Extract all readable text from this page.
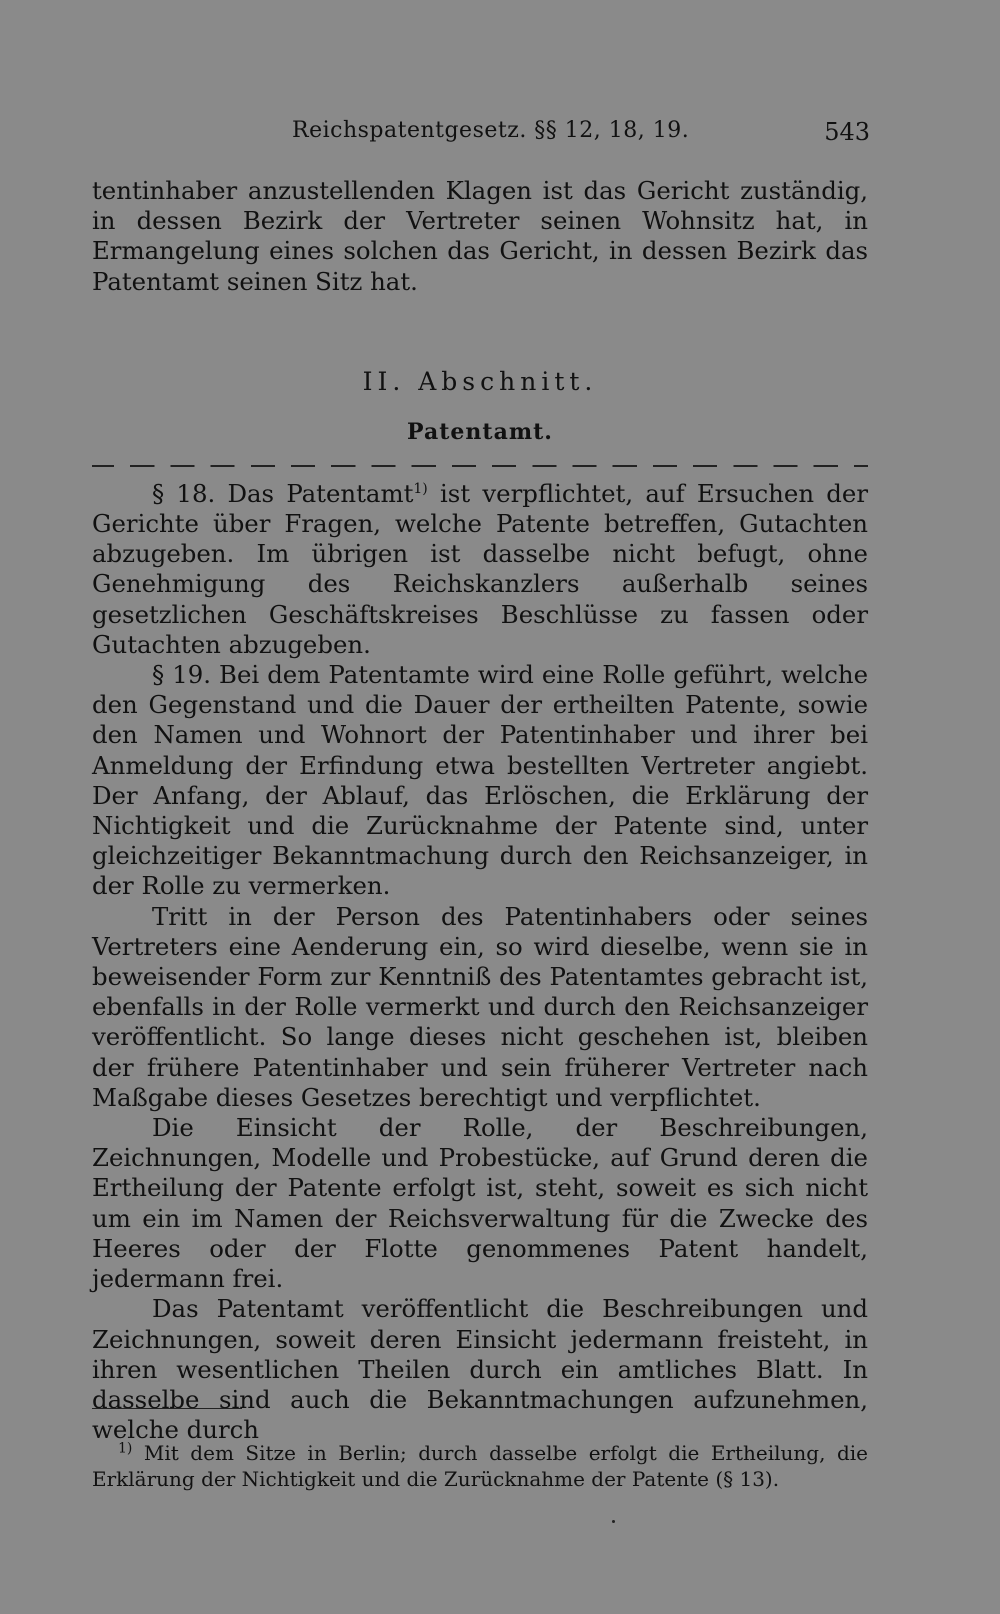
Reichspatentgesetz. §§ 12, 18, 19.	543

tentinhaber anzustellenden Klagen ist das Gericht zuständig, in dessen Bezirk der Vertreter seinen Wohnsitz hat, in Ermangelung eines solchen das Gericht, in dessen Bezirk das Patentamt seinen Sitz hat.

II. Abschnitt.

Patentamt.

§ 18. Das Patentamt$^{1)}$ ist verpflichtet, auf Ersuchen der Gerichte über Fragen, welche Patente betreffen, Gutachten abzugeben. Im übrigen ist dasselbe nicht befugt, ohne Genehmigung des Reichskanzlers außerhalb seines gesetzlichen Geschäftskreises Beschlüsse zu fassen oder Gutachten abzugeben.

§ 19. Bei dem Patentamte wird eine Rolle geführt, welche den Gegenstand und die Dauer der ertheilten Patente, sowie den Namen und Wohnort der Patentinhaber und ihrer bei Anmeldung der Erfindung etwa bestellten Vertreter angiebt. Der Anfang, der Ablauf, das Erlöschen, die Erklärung der Nichtigkeit und die Zurücknahme der Patente sind, unter gleichzeitiger Bekanntmachung durch den Reichsanzeiger, in der Rolle zu vermerken.

Tritt in der Person des Patentinhabers oder seines Vertreters eine Aenderung ein, so wird dieselbe, wenn sie in beweisender Form zur Kenntniß des Patentamtes gebracht ist, ebenfalls in der Rolle vermerkt und durch den Reichsanzeiger veröffentlicht. So lange dieses nicht geschehen ist, bleiben der frühere Patentinhaber und sein früherer Vertreter nach Maßgabe dieses Gesetzes berechtigt und verpflichtet.

Die Einsicht der Rolle, der Beschreibungen, Zeichnungen, Modelle und Probestücke, auf Grund deren die Ertheilung der Patente erfolgt ist, steht, soweit es sich nicht um ein im Namen der Reichsverwaltung für die Zwecke des Heeres oder der Flotte genommenes Patent handelt, jedermann frei.

Das Patentamt veröffentlicht die Beschreibungen und Zeichnungen, soweit deren Einsicht jedermann freisteht, in ihren wesentlichen Theilen durch ein amtliches Blatt. In dasselbe sind auch die Bekanntmachungen aufzunehmen, welche durch

$^{1)}$ Mit dem Sitze in Berlin; durch dasselbe erfolgt die Ertheilung, die Erklärung der Nichtigkeit und die Zurücknahme der Patente (§ 13).
